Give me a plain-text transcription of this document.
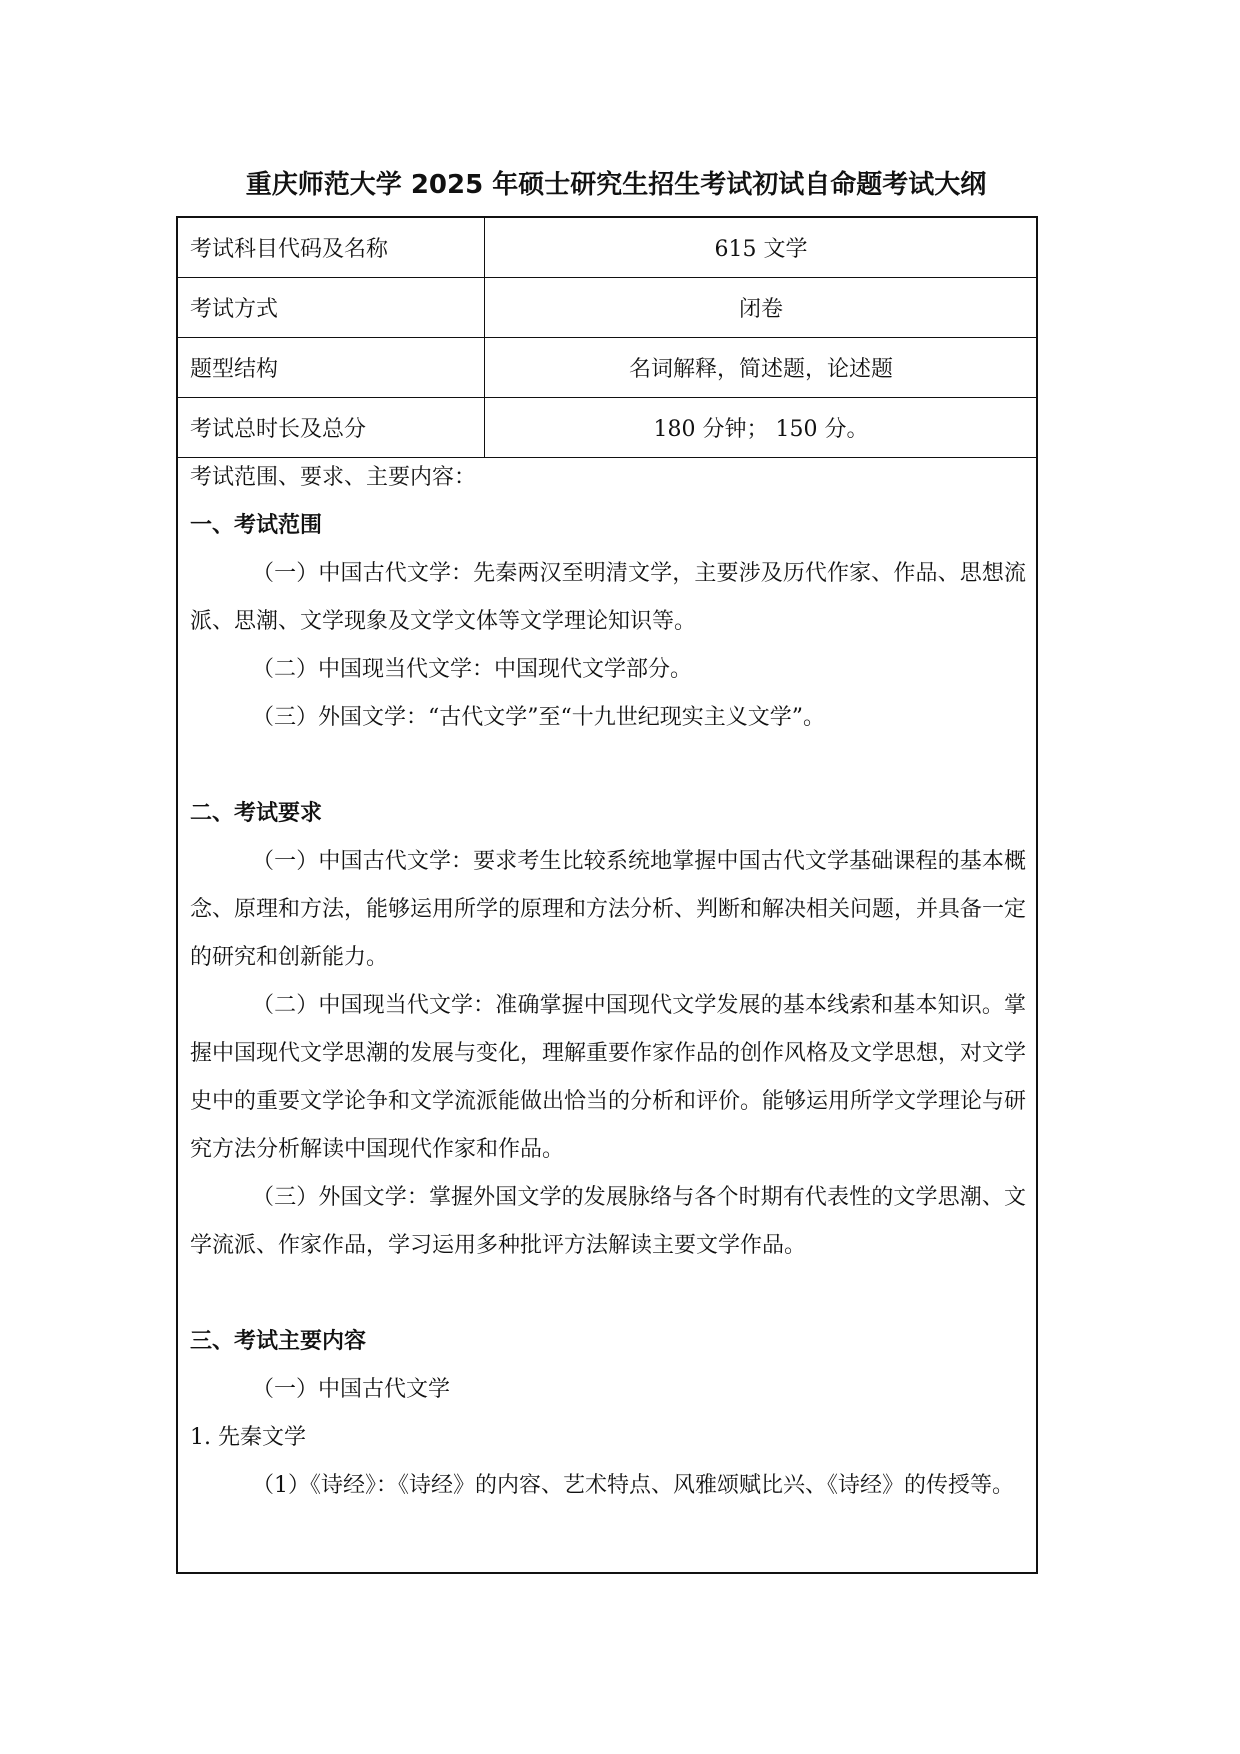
重庆师范大学 2025 年硕士研究生招生考试初试自命题考试大纲
考试科目代码及名称	615 文学
考试方式	闭卷
题型结构	名词解释，简述题，论述题
考试总时长及总分	180 分钟； 150 分。

考试范围、要求、主要内容：

一、考试范围

（一）中国古代文学：先秦两汉至明清文学，主要涉及历代作家、作品、思想流派、思潮、文学现象及文学文体等文学理论知识等。

（二）中国现当代文学：中国现代文学部分。

（三）外国文学：“古代文学”至“十九世纪现实主义文学”。

二、考试要求

（一）中国古代文学：要求考生比较系统地掌握中国古代文学基础课程的基本概念、原理和方法，能够运用所学的原理和方法分析、判断和解决相关问题，并具备一定的研究和创新能力。

（二）中国现当代文学：准确掌握中国现代文学发展的基本线索和基本知识。掌握中国现代文学思潮的发展与变化，理解重要作家作品的创作风格及文学思想，对文学史中的重要文学论争和文学流派能做出恰当的分析和评价。能够运用所学文学理论与研究方法分析解读中国现代作家和作品。

（三）外国文学：掌握外国文学的发展脉络与各个时期有代表性的文学思潮、文学流派、作家作品，学习运用多种批评方法解读主要文学作品。

三、考试主要内容

（一）中国古代文学

1. 先秦文学

（1）《诗经》：《诗经》的内容、艺术特点、风雅颂赋比兴、《诗经》的传授等。
